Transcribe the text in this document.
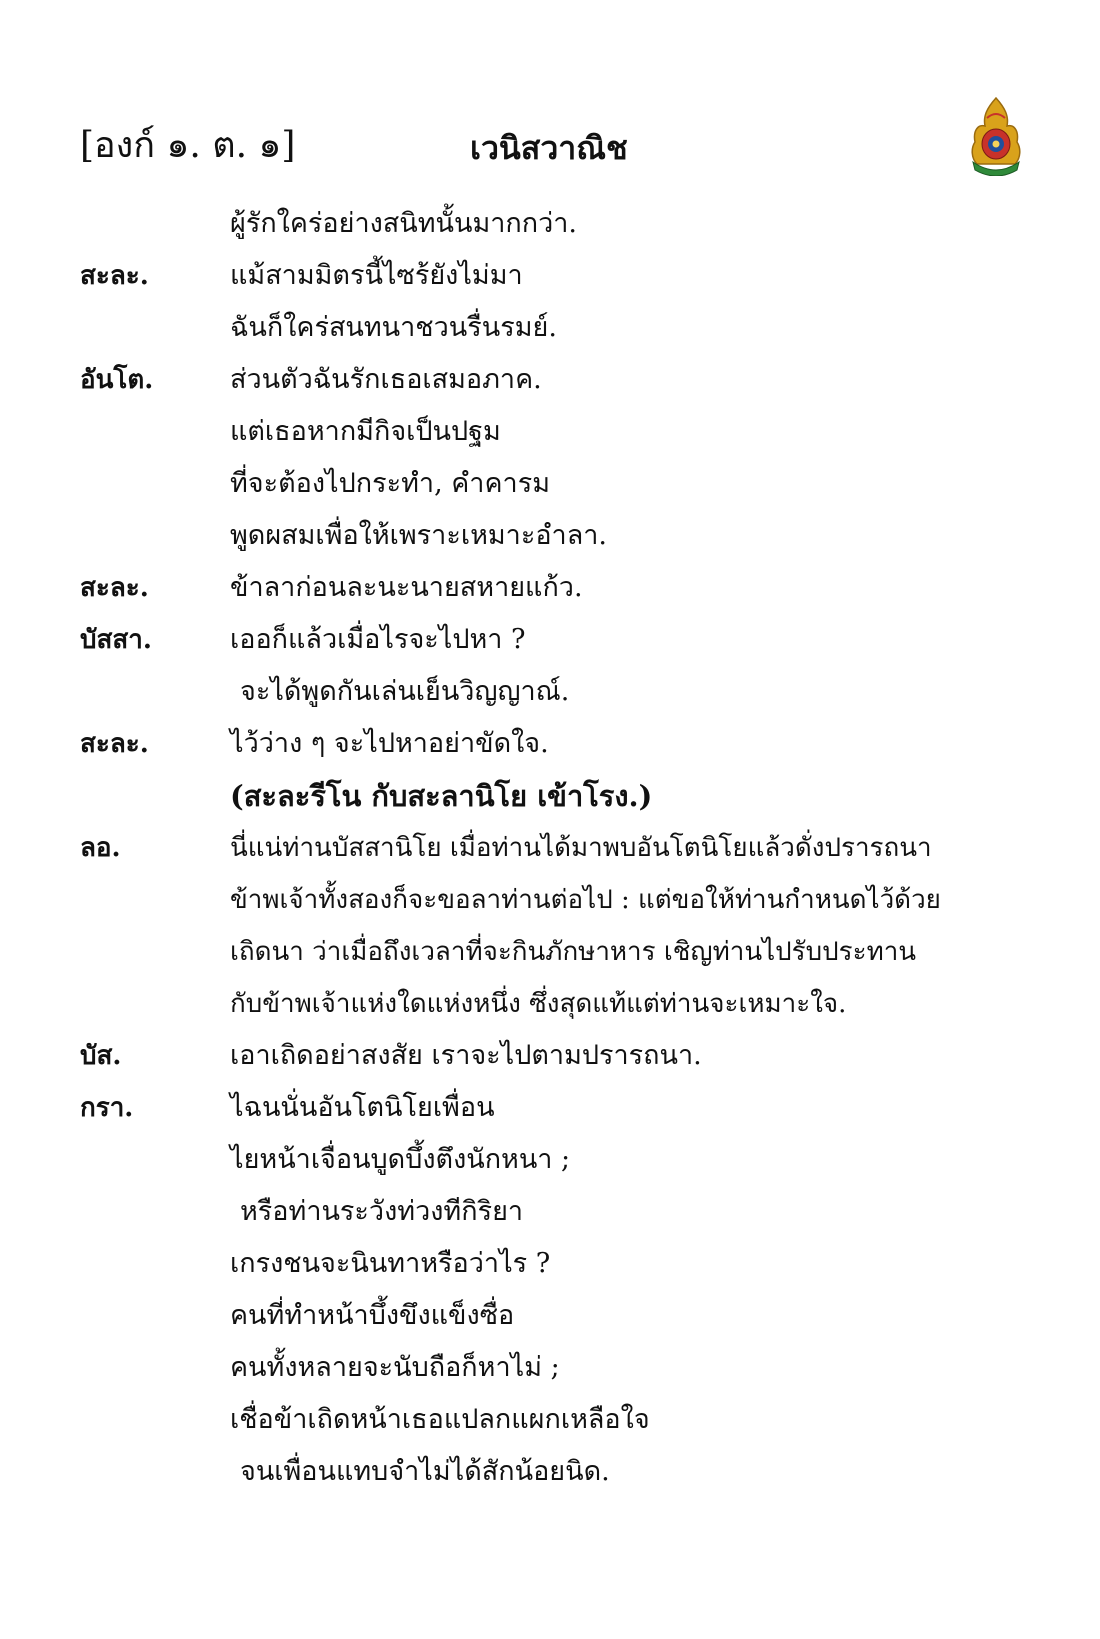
[องก์ ๑. ต. ๑]	เวนิสวาณิช
ผู้รักใคร่อย่างสนิทนั้นมากกว่า.
สะละ.	แม้สามมิตรนี้ไซร้ยังไม่มา
ฉันก็ใคร่สนทนาชวนรื่นรมย์.
อันโต.	ส่วนตัวฉันรักเธอเสมอภาค.
แต่เธอหากมีกิจเป็นปฐม
ที่จะต้องไปกระทำ, คำคารม
พูดผสมเพื่อให้เพราะเหมาะอำลา.
สะละ.	ข้าลาก่อนละนะนายสหายแก้ว.
บัสสา.	เออก็แล้วเมื่อไรจะไปหา ?
จะได้พูดกันเล่นเย็นวิญญาณ์.
สะละ.	ไว้ว่าง ๆ จะไปหาอย่าขัดใจ.
(สะละรีโน กับสะลานิโย เข้าโรง.)
ลอ.	นี่แน่ท่านบัสสานิโย เมื่อท่านได้มาพบอันโตนิโยแล้วดั่งปรารถนา
ข้าพเจ้าทั้งสองก็จะขอลาท่านต่อไป : แต่ขอให้ท่านกำหนดไว้ด้วย
เถิดนา ว่าเมื่อถึงเวลาที่จะกินภักษาหาร เชิญท่านไปรับประทาน
กับข้าพเจ้าแห่งใดแห่งหนึ่ง ซึ่งสุดแท้แต่ท่านจะเหมาะใจ.
บัส.	เอาเถิดอย่าสงสัย เราจะไปตามปรารถนา.
กรา.	ไฉนนั่นอันโตนิโยเพื่อน
ไยหน้าเจื่อนบูดบึ้งตึงนักหนา ;
หรือท่านระวังท่วงทีกิริยา
เกรงชนจะนินทาหรือว่าไร ?
คนที่ทำหน้าบึ้งขึงแข็งซื่อ
คนทั้งหลายจะนับถือก็หาไม่ ;
เชื่อข้าเถิดหน้าเธอแปลกแผกเหลือใจ
จนเพื่อนแทบจำไม่ได้สักน้อยนิด.
